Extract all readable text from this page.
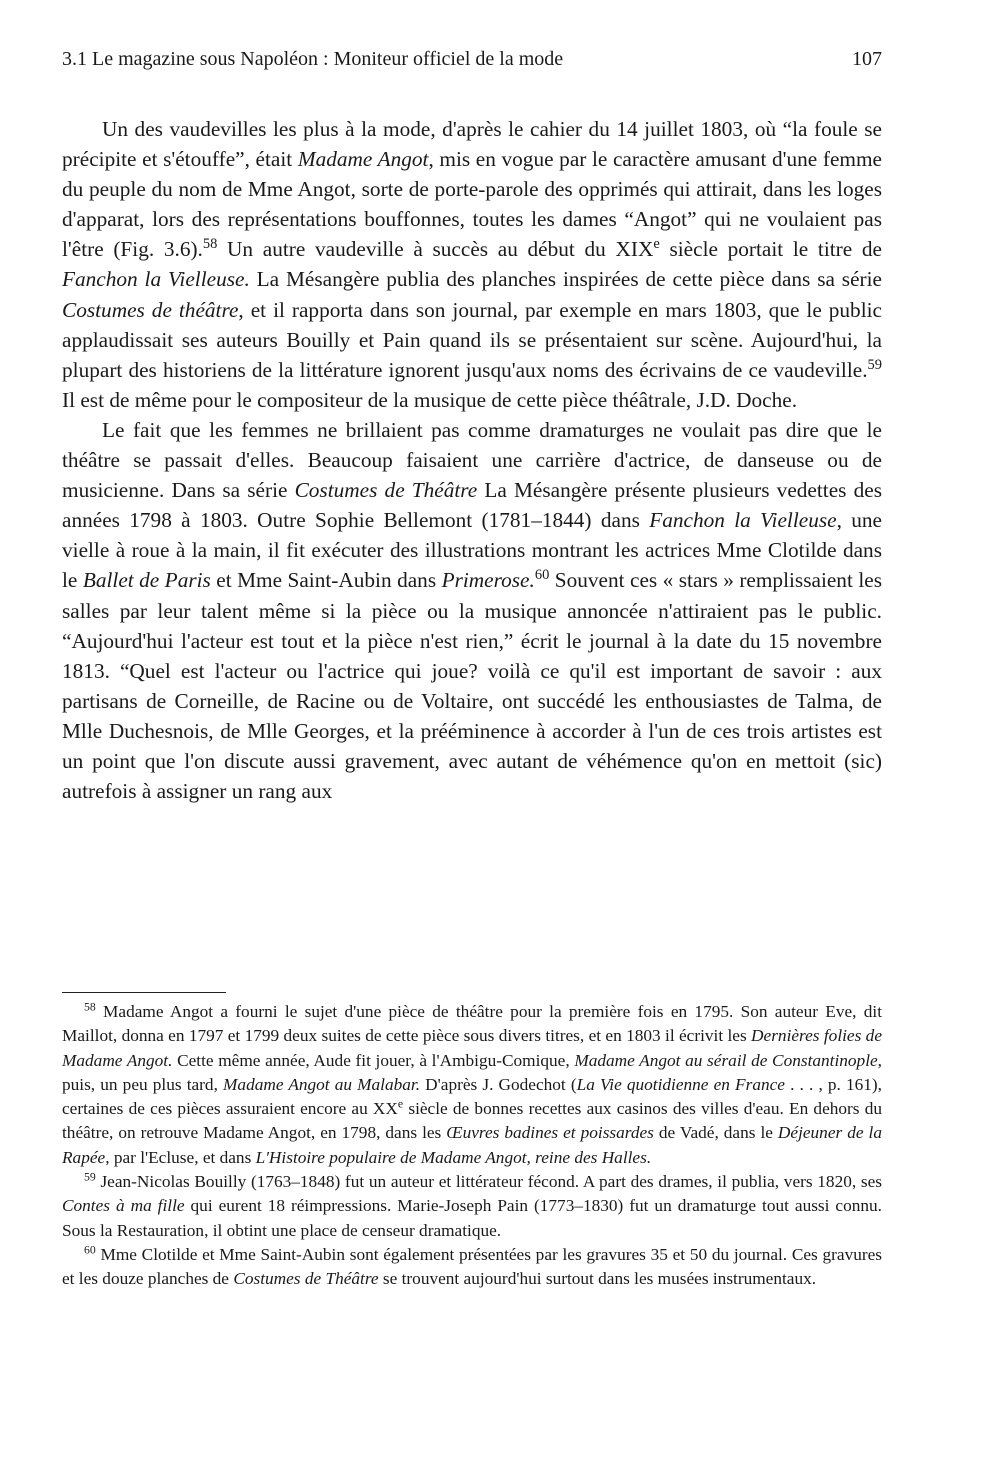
3.1 Le magazine sous Napoléon : Moniteur officiel de la mode	107

Un des vaudevilles les plus à la mode, d'après le cahier du 14 juillet 1803, où “la foule se précipite et s'étouffe”, était Madame Angot, mis en vogue par le caractère amusant d'une femme du peuple du nom de Mme Angot, sorte de porte-parole des opprimés qui attirait, dans les loges d'apparat, lors des représentations bouffonnes, toutes les dames “Angot” qui ne voulaient pas l'être (Fig. 3.6).$^{58}$ Un autre vaudeville à succès au début du XIXe siècle portait le titre de Fanchon la Vielleuse. La Mésangère publia des planches inspirées de cette pièce dans sa série Costumes de théâtre, et il rapporta dans son journal, par exemple en mars 1803, que le public applaudissait ses auteurs Bouilly et Pain quand ils se présentaient sur scène. Aujourd'hui, la plupart des historiens de la littérature ignorent jusqu'aux noms des écrivains de ce vaudeville.$^{59}$ Il est de même pour le compositeur de la musique de cette pièce théâtrale, J.D. Doche.

Le fait que les femmes ne brillaient pas comme dramaturges ne voulait pas dire que le théâtre se passait d'elles. Beaucoup faisaient une carrière d'actrice, de danseuse ou de musicienne. Dans sa série Costumes de Théâtre La Mésangère présente plusieurs vedettes des années 1798 à 1803. Outre Sophie Bellemont (1781–1844) dans Fanchon la Vielleuse, une vielle à roue à la main, il fit exécuter des illustrations montrant les actrices Mme Clotilde dans le Ballet de Paris et Mme Saint-Aubin dans Primerose.$^{60}$ Souvent ces « stars » remplissaient les salles par leur talent même si la pièce ou la musique annoncée n'attiraient pas le public. “Aujourd'hui l'acteur est tout et la pièce n'est rien,” écrit le journal à la date du 15 novembre 1813. “Quel est l'acteur ou l'actrice qui joue? voilà ce qu'il est important de savoir : aux partisans de Corneille, de Racine ou de Voltaire, ont succédé les enthousiastes de Talma, de Mlle Duchesnois, de Mlle Georges, et la prééminence à accorder à l'un de ces trois artistes est un point que l'on discute aussi gravement, avec autant de véhémence qu'on en mettoit (sic) autrefois à assigner un rang aux

$^{58}$ Madame Angot a fourni le sujet d'une pièce de théâtre pour la première fois en 1795. Son auteur Eve, dit Maillot, donna en 1797 et 1799 deux suites de cette pièce sous divers titres, et en 1803 il écrivit les Dernières folies de Madame Angot. Cette même année, Aude fit jouer, à l'Ambigu-Comique, Madame Angot au sérail de Constantinople, puis, un peu plus tard, Madame Angot au Malabar. D'après J. Godechot (La Vie quotidienne en France . . . , p. 161), certaines de ces pièces assuraient encore au XXe siècle de bonnes recettes aux casinos des villes d'eau. En dehors du théâtre, on retrouve Madame Angot, en 1798, dans les Œuvres badines et poissardes de Vadé, dans le Déjeuner de la Rapée, par l'Ecluse, et dans L'Histoire populaire de Madame Angot, reine des Halles.

$^{59}$ Jean-Nicolas Bouilly (1763–1848) fut un auteur et littérateur fécond. A part des drames, il publia, vers 1820, ses Contes à ma fille qui eurent 18 réimpressions. Marie-Joseph Pain (1773–1830) fut un dramaturge tout aussi connu. Sous la Restauration, il obtint une place de censeur dramatique.

$^{60}$ Mme Clotilde et Mme Saint-Aubin sont également présentées par les gravures 35 et 50 du journal. Ces gravures et les douze planches de Costumes de Théâtre se trouvent aujourd'hui surtout dans les musées instrumentaux.
